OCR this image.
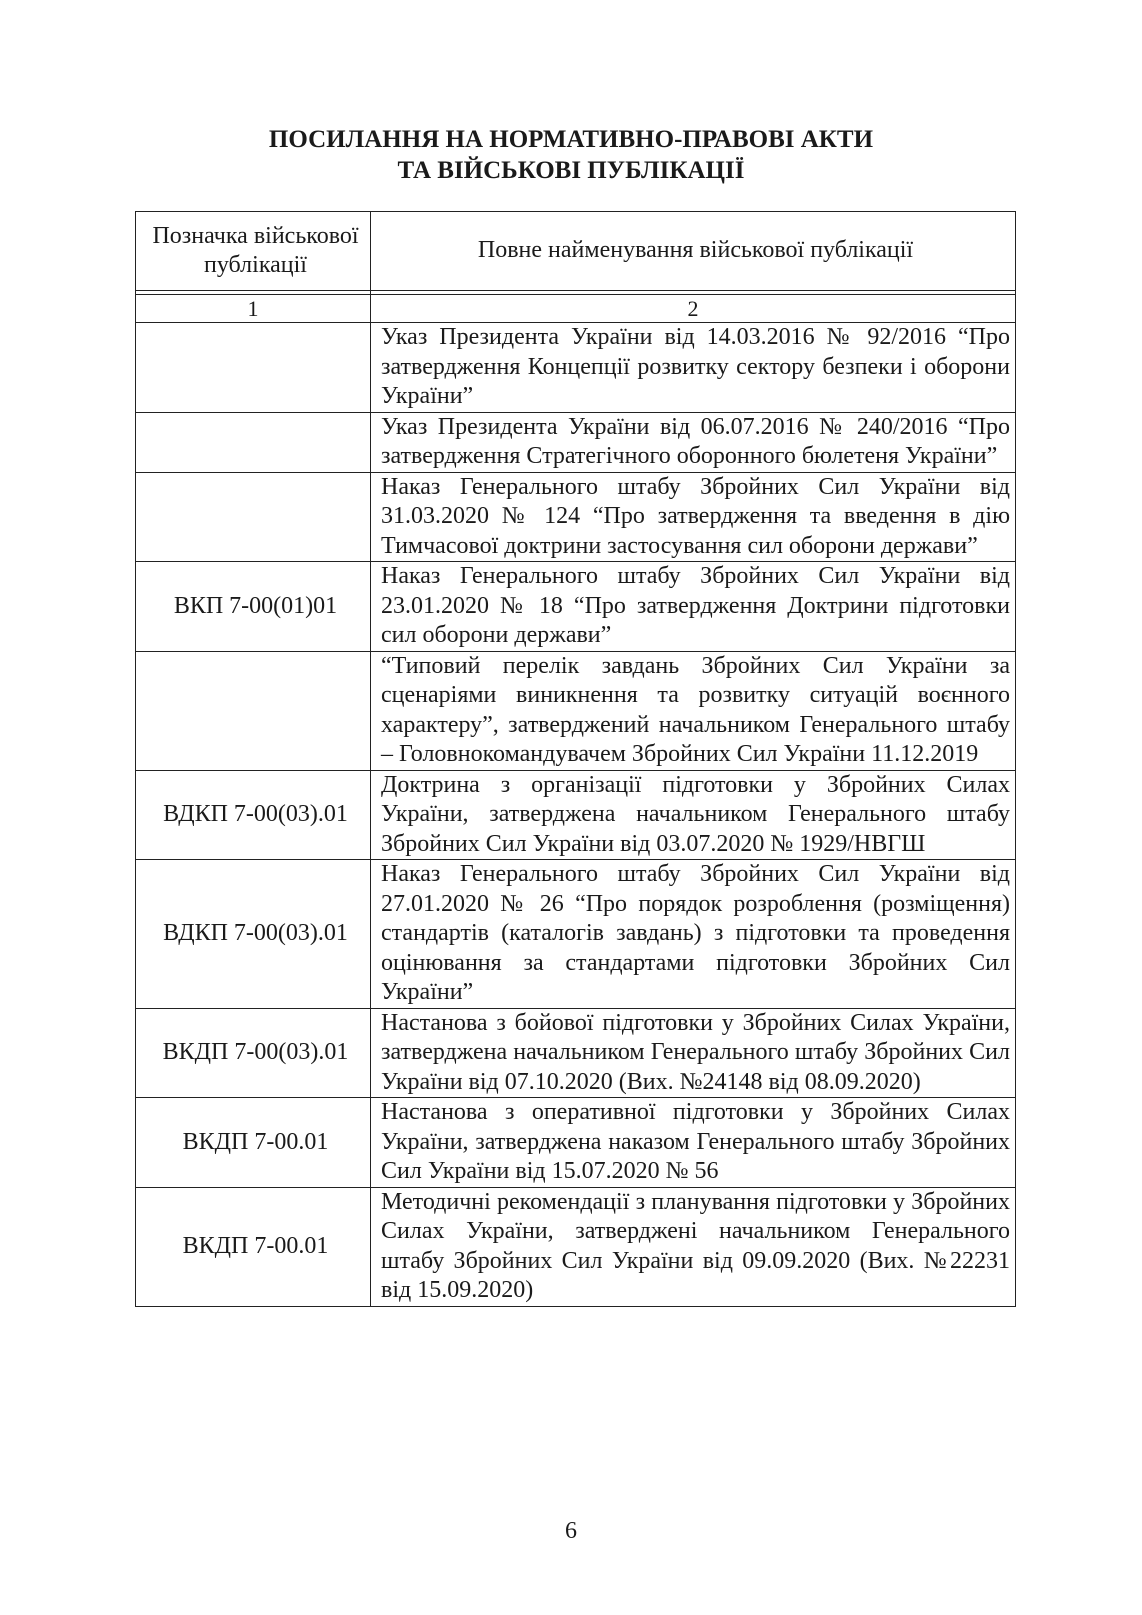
ПОСИЛАННЯ НА НОРМАТИВНО-ПРАВОВІ АКТИ
ТА ВІЙСЬКОВІ ПУБЛІКАЦІЇ
Позначка військової публікації	Повне найменування військової публікації

1	2
	Указ Президента України від 14.03.2016 № 92/2016 “Про затвердження Концепції розвитку сектору безпеки і оборони України”
	Указ Президента України від 06.07.2016 № 240/2016 “Про затвердження Стратегічного оборонного бюлетеня України”
	Наказ Генерального штабу Збройних Сил України від 31.03.2020 № 124 “Про затвердження та введення в дію Тимчасової доктрини застосування сил оборони держави”
ВКП 7-00(01)01	Наказ Генерального штабу Збройних Сил України від 23.01.2020 № 18 “Про затвердження Доктрини підготовки сил оборони держави”
	“Типовий перелік завдань Збройних Сил України за сценаріями виникнення та розвитку ситуацій воєнного характеру”, затверджений начальником Генерального штабу – Головнокомандувачем Збройних Сил України 11.12.2019
ВДКП 7-00(03).01	Доктрина з організації підготовки у Збройних Силах України, затверджена начальником Генерального штабу Збройних Сил України від 03.07.2020 № 1929/НВГШ
ВДКП 7-00(03).01	Наказ Генерального штабу Збройних Сил України від 27.01.2020 № 26 “Про порядок розроблення (розміщення) стандартів (каталогів завдань) з підготовки та проведення оцінювання за стандартами підготовки Збройних Сил України”
ВКДП 7-00(03).01	Настанова з бойової підготовки у Збройних Силах України, затверджена начальником Генерального штабу Збройних Сил України від 07.10.2020 (Вих. №24148 від 08.09.2020)
ВКДП 7-00.01	Настанова з оперативної підготовки у Збройних Силах України, затверджена наказом Генерального штабу Збройних Сил України від 15.07.2020 № 56
ВКДП 7-00.01	Методичні рекомендації з планування підготовки у Збройних Силах України, затверджені начальником Генерального штабу Збройних Сил України від 09.09.2020 (Вих. №22231 від 15.09.2020)
6
